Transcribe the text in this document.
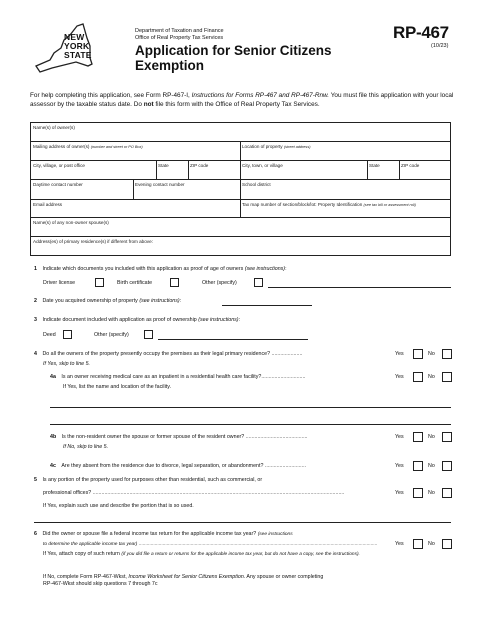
NEW YORK STATE
Department of Taxation and Finance
Office of Real Property Tax Services
Application for Senior Citizens
Exemption
RP-467
(10/23)
For help completing this application, see Form RP-467-I, Instructions for Forms RP-467 and RP-467-Rnw. You must file this application with your local assessor by the taxable status date. Do not file this form with the Office of Real Property Tax Services.
Name(s) of owner(s)
Mailing address of owner(s) (number and street or PO Box)	Location of property (street address)
City, village, or post office	State	ZIP code	City, town, or village	State	ZIP code
Daytime contact number	Evening contact number	School district
Email address	Tax map number of section/block/lot: Property Identification (see tax bill or assessment roll)
Name(s) of any non-owner spouse(s)
Address(es) of primary residence(s) if different from above:
1 Indicate which documents you included with this application as proof of age of owners (see instructions):
Driver license	Birth certificate	Other (specify)
2 Date you acquired ownership of property (see instructions):
3 Indicate document included with application as proof of ownership (see instructions):
Deed	Other (specify)
4 Do all the owners of the property presently occupy the premises as their legal primary residence? .....................	Yes	No
If Yes, skip to line 5.
4a Is an owner receiving medical care as an inpatient in a residential health care facility?..............................	Yes	No
If Yes, list the name and location of the facility.
4b Is the non-resident owner the spouse or former spouse of the resident owner? ..........................................	Yes	No
If No, skip to line 5.
4c Are they absent from the residence due to divorce, legal separation, or abandonment? ............................	Yes	No
5 Is any portion of the property used for purposes other than residential, such as commercial, or
professional offices? ...........................................................................................................................................................................	Yes	No
If Yes, explain such use and describe the portion that is so used.
6 Did the owner or spouse file a federal income tax return for the applicable income tax year? (see instructions
to determine the applicable income tax year) ...................................................................................................................................................................................	Yes	No
If Yes, attach copy of such return (if you did file a return or returns for the applicable income tax year, but do not have a copy, see the instructions).
If No, complete Form RP-467-Wkst, Income Worksheet for Senior Citizens Exemption. Any spouse or owner completing
RP-467-Wkst should skip questions 7 through 7c
